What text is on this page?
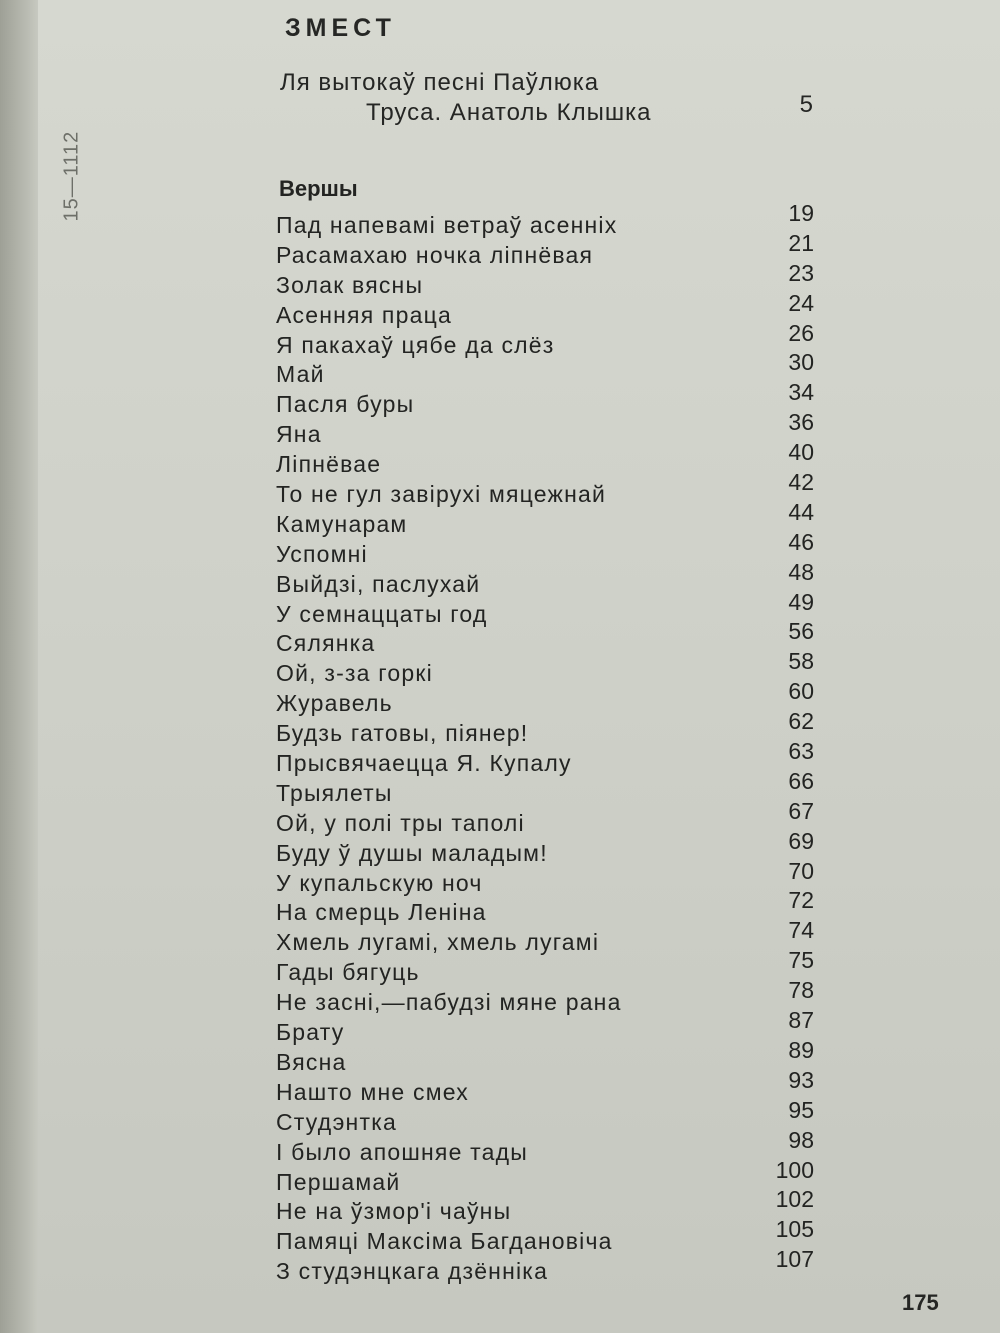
15—1112
ЗМЕСТ
Ля вытокаў песні Паўлюка
Труса. Анатоль Клышка	5
Вершы
Пад напевамі ветраў асенніх	19
Расамахаю ночка ліпнёвая	21
Золак вясны	23
Асенняя праца	24
Я пакахаў цябе да слёз	26
Май	30
Пасля буры	34
Яна	36
Ліпнёвае	40
То не гул завірухі мяцежнай	42
Камунарам	44
Успомні	46
Выйдзі, паслухай	48
У семнаццаты год	49
Сялянка	56
Ой, з-за горкі	58
Журавель	60
Будзь гатовы, піянер!	62
Прысвячаецца Я. Купалу	63
Трыялеты	66
Ой, у полі тры таполі	67
Буду ў душы маладым!	69
У купальскую ноч	70
На смерць Леніна	72
Хмель лугамі, хмель лугамі	74
Гады бягуць	75
Не засні,—пабудзі мяне рана	78
Брату	87
Вясна	89
Нашто мне смех	93
Студэнтка	95
І было апошняе тады	98
Першамай	100
Не на ўзмор'і чаўны	102
Памяці Максіма Багдановіча	105
З студэнцкага дзённіка	107
175
